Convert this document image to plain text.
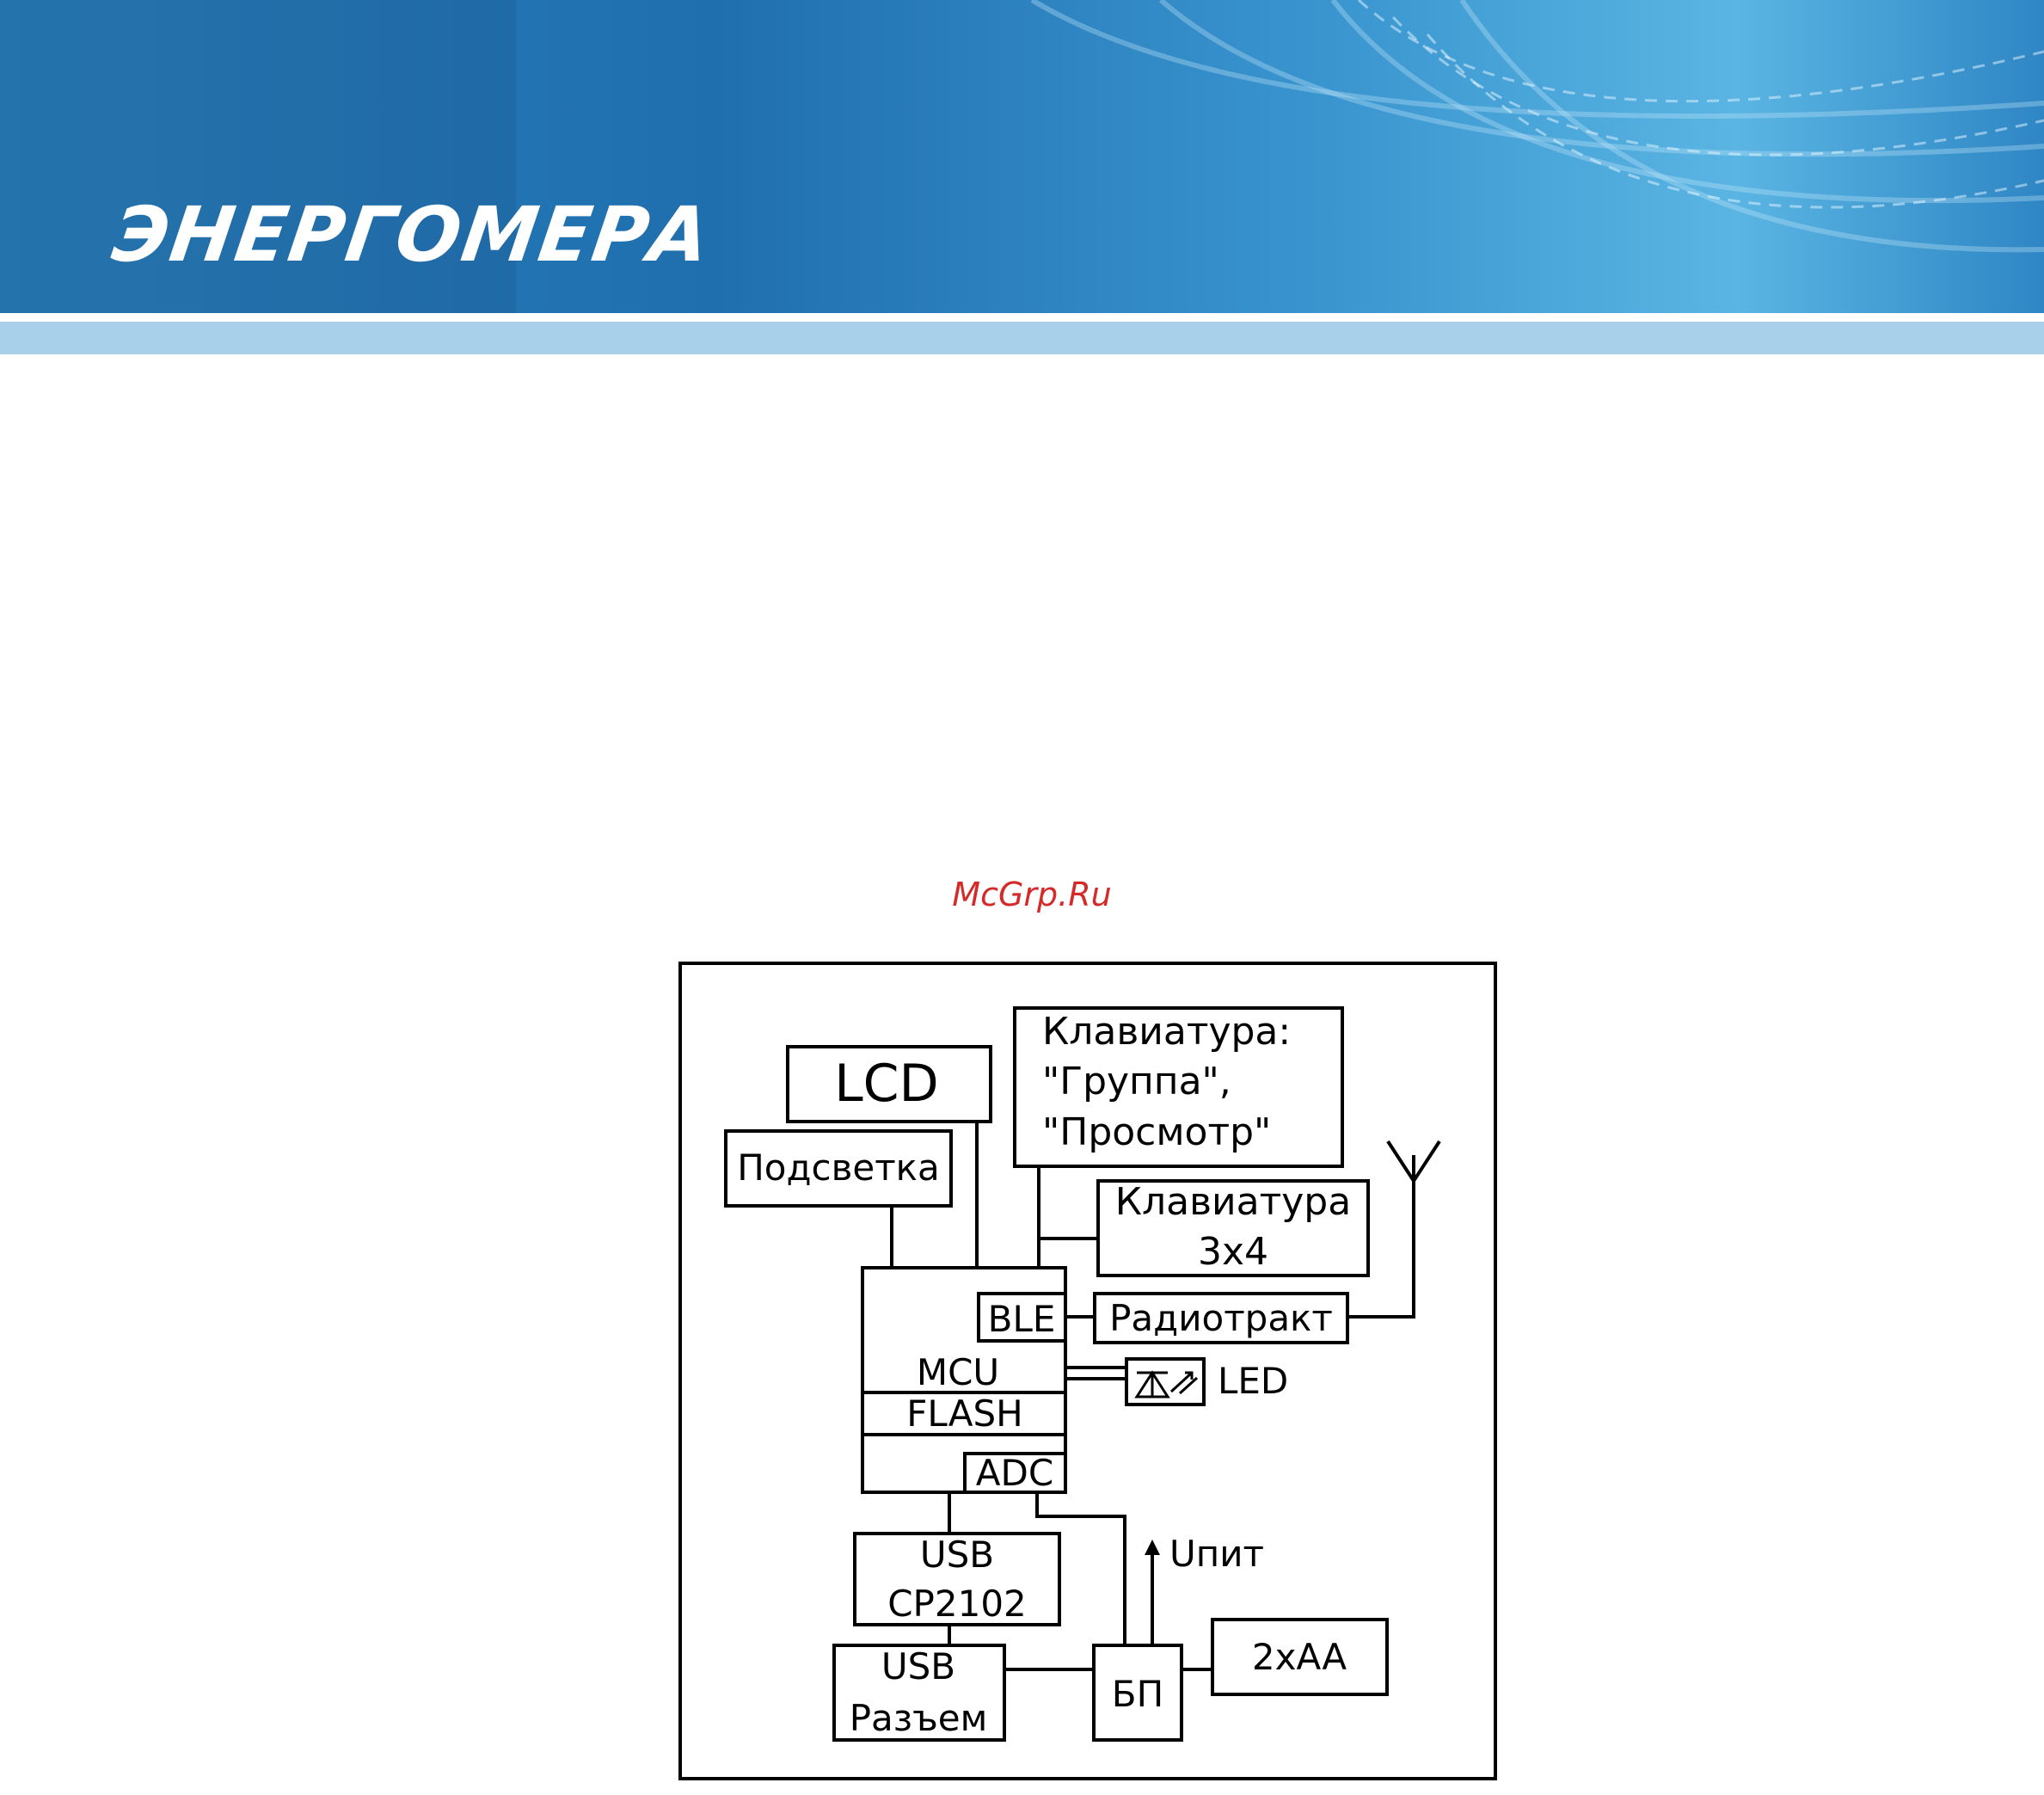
ЭНЕРГОМЕРА
McGrp.Ru
LCD
Подсветка
Клавиатура:
"Группа",
"Просмотр"
Клавиатура
3x4
BLE Радиотракт
MCU
FLASH
ADC
LED
USB
CP2102
USB
Разъем
БП
2xAA
Uпит
